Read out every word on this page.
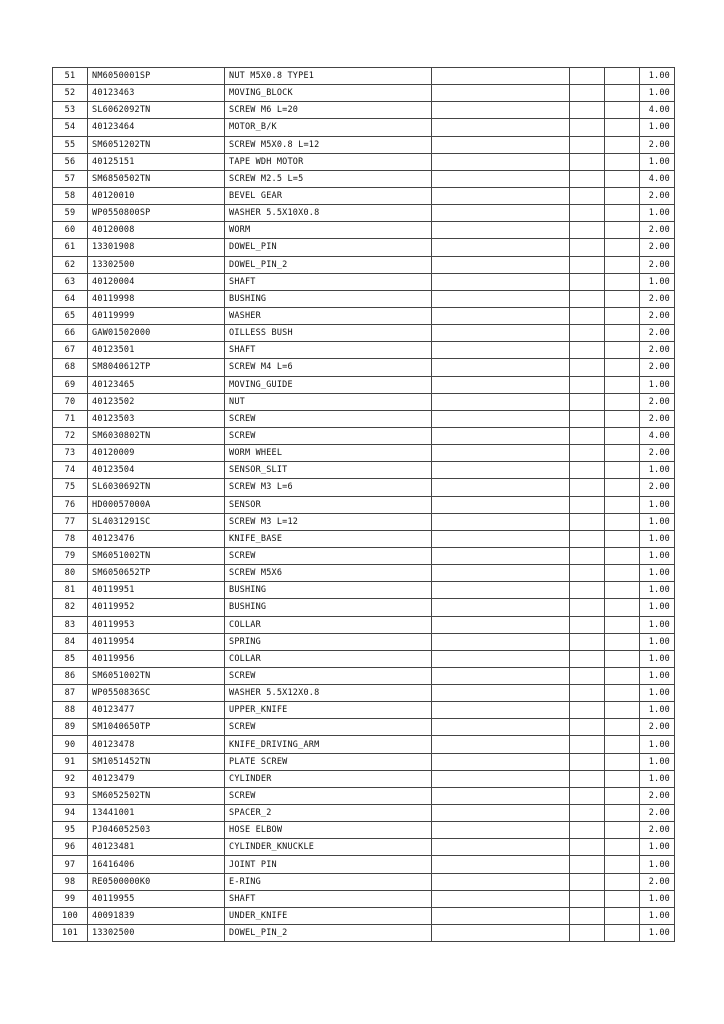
51	NM6050001SP	NUT M5X0.8 TYPE1				1.00
52	40123463	MOVING_BLOCK				1.00
53	SL6062092TN	SCREW M6 L=20				4.00
54	40123464	MOTOR_B/K				1.00
55	SM6051202TN	SCREW M5X0.8 L=12				2.00
56	40125151	TAPE WDH MOTOR				1.00
57	SM6850502TN	SCREW M2.5 L=5				4.00
58	40120010	BEVEL GEAR				2.00
59	WP0550800SP	WASHER 5.5X10X0.8				1.00
60	40120008	WORM				2.00
61	13301908	DOWEL_PIN				2.00
62	13302500	DOWEL_PIN_2				2.00
63	40120004	SHAFT				1.00
64	40119998	BUSHING				2.00
65	40119999	WASHER				2.00
66	GAW01502000	OILLESS BUSH				2.00
67	40123501	SHAFT				2.00
68	SM8040612TP	SCREW M4 L=6				2.00
69	40123465	MOVING_GUIDE				1.00
70	40123502	NUT				2.00
71	40123503	SCREW				2.00
72	SM6030802TN	SCREW				4.00
73	40120009	WORM WHEEL				2.00
74	40123504	SENSOR_SLIT				1.00
75	SL6030692TN	SCREW M3 L=6				2.00
76	HD00057000A	SENSOR				1.00
77	SL4031291SC	SCREW M3 L=12				1.00
78	40123476	KNIFE_BASE				1.00
79	SM6051002TN	SCREW				1.00
80	SM6050652TP	SCREW M5X6				1.00
81	40119951	BUSHING				1.00
82	40119952	BUSHING				1.00
83	40119953	COLLAR				1.00
84	40119954	SPRING				1.00
85	40119956	COLLAR				1.00
86	SM6051002TN	SCREW				1.00
87	WP0550836SC	WASHER 5.5X12X0.8				1.00
88	40123477	UPPER_KNIFE				1.00
89	SM1040650TP	SCREW				2.00
90	40123478	KNIFE_DRIVING_ARM				1.00
91	SM1051452TN	PLATE SCREW				1.00
92	40123479	CYLINDER				1.00
93	SM6052502TN	SCREW				2.00
94	13441001	SPACER_2				2.00
95	PJ046052503	HOSE ELBOW				2.00
96	40123481	CYLINDER_KNUCKLE				1.00
97	16416406	JOINT PIN				1.00
98	RE0500000K0	E-RING				2.00
99	40119955	SHAFT				1.00
100	40091839	UNDER_KNIFE				1.00
101	13302500	DOWEL_PIN_2				1.00
